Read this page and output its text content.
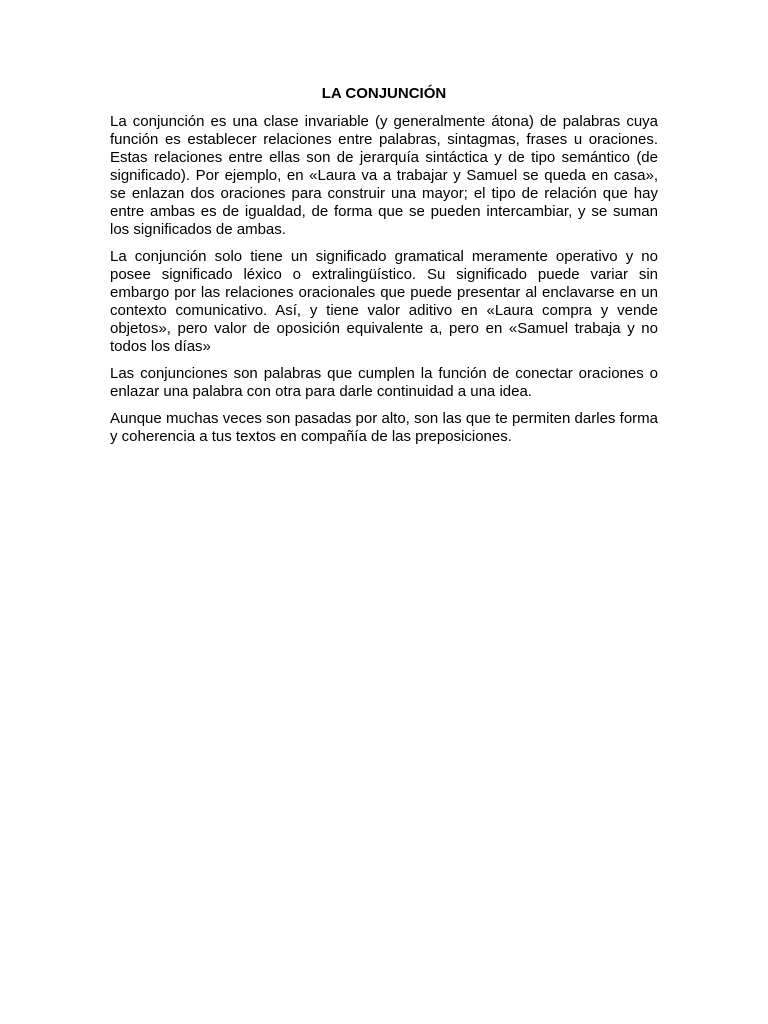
LA CONJUNCIÓN

La conjunción es una clase invariable (y generalmente átona) de palabras cuya función es establecer relaciones entre palabras, sintagmas, frases u oraciones. Estas relaciones entre ellas son de jerarquía sintáctica y de tipo semántico (de significado). Por ejemplo, en «Laura va a trabajar y Samuel se queda en casa», se enlazan dos oraciones para construir una mayor; el tipo de relación que hay entre ambas es de igualdad, de forma que se pueden intercambiar, y se suman los significados de ambas.

La conjunción solo tiene un significado gramatical meramente operativo y no posee significado léxico o extralingüístico. Su significado puede variar sin embargo por las relaciones oracionales que puede presentar al enclavarse en un contexto comunicativo. Así, y tiene valor aditivo en «Laura compra y vende objetos», pero valor de oposición equivalente a, pero en «Samuel trabaja y no todos los días»

Las conjunciones son palabras que cumplen la función de conectar oraciones o enlazar una palabra con otra para darle continuidad a una idea.

Aunque muchas veces son pasadas por alto, son las que te permiten darles forma y coherencia a tus textos en compañía de las preposiciones.
